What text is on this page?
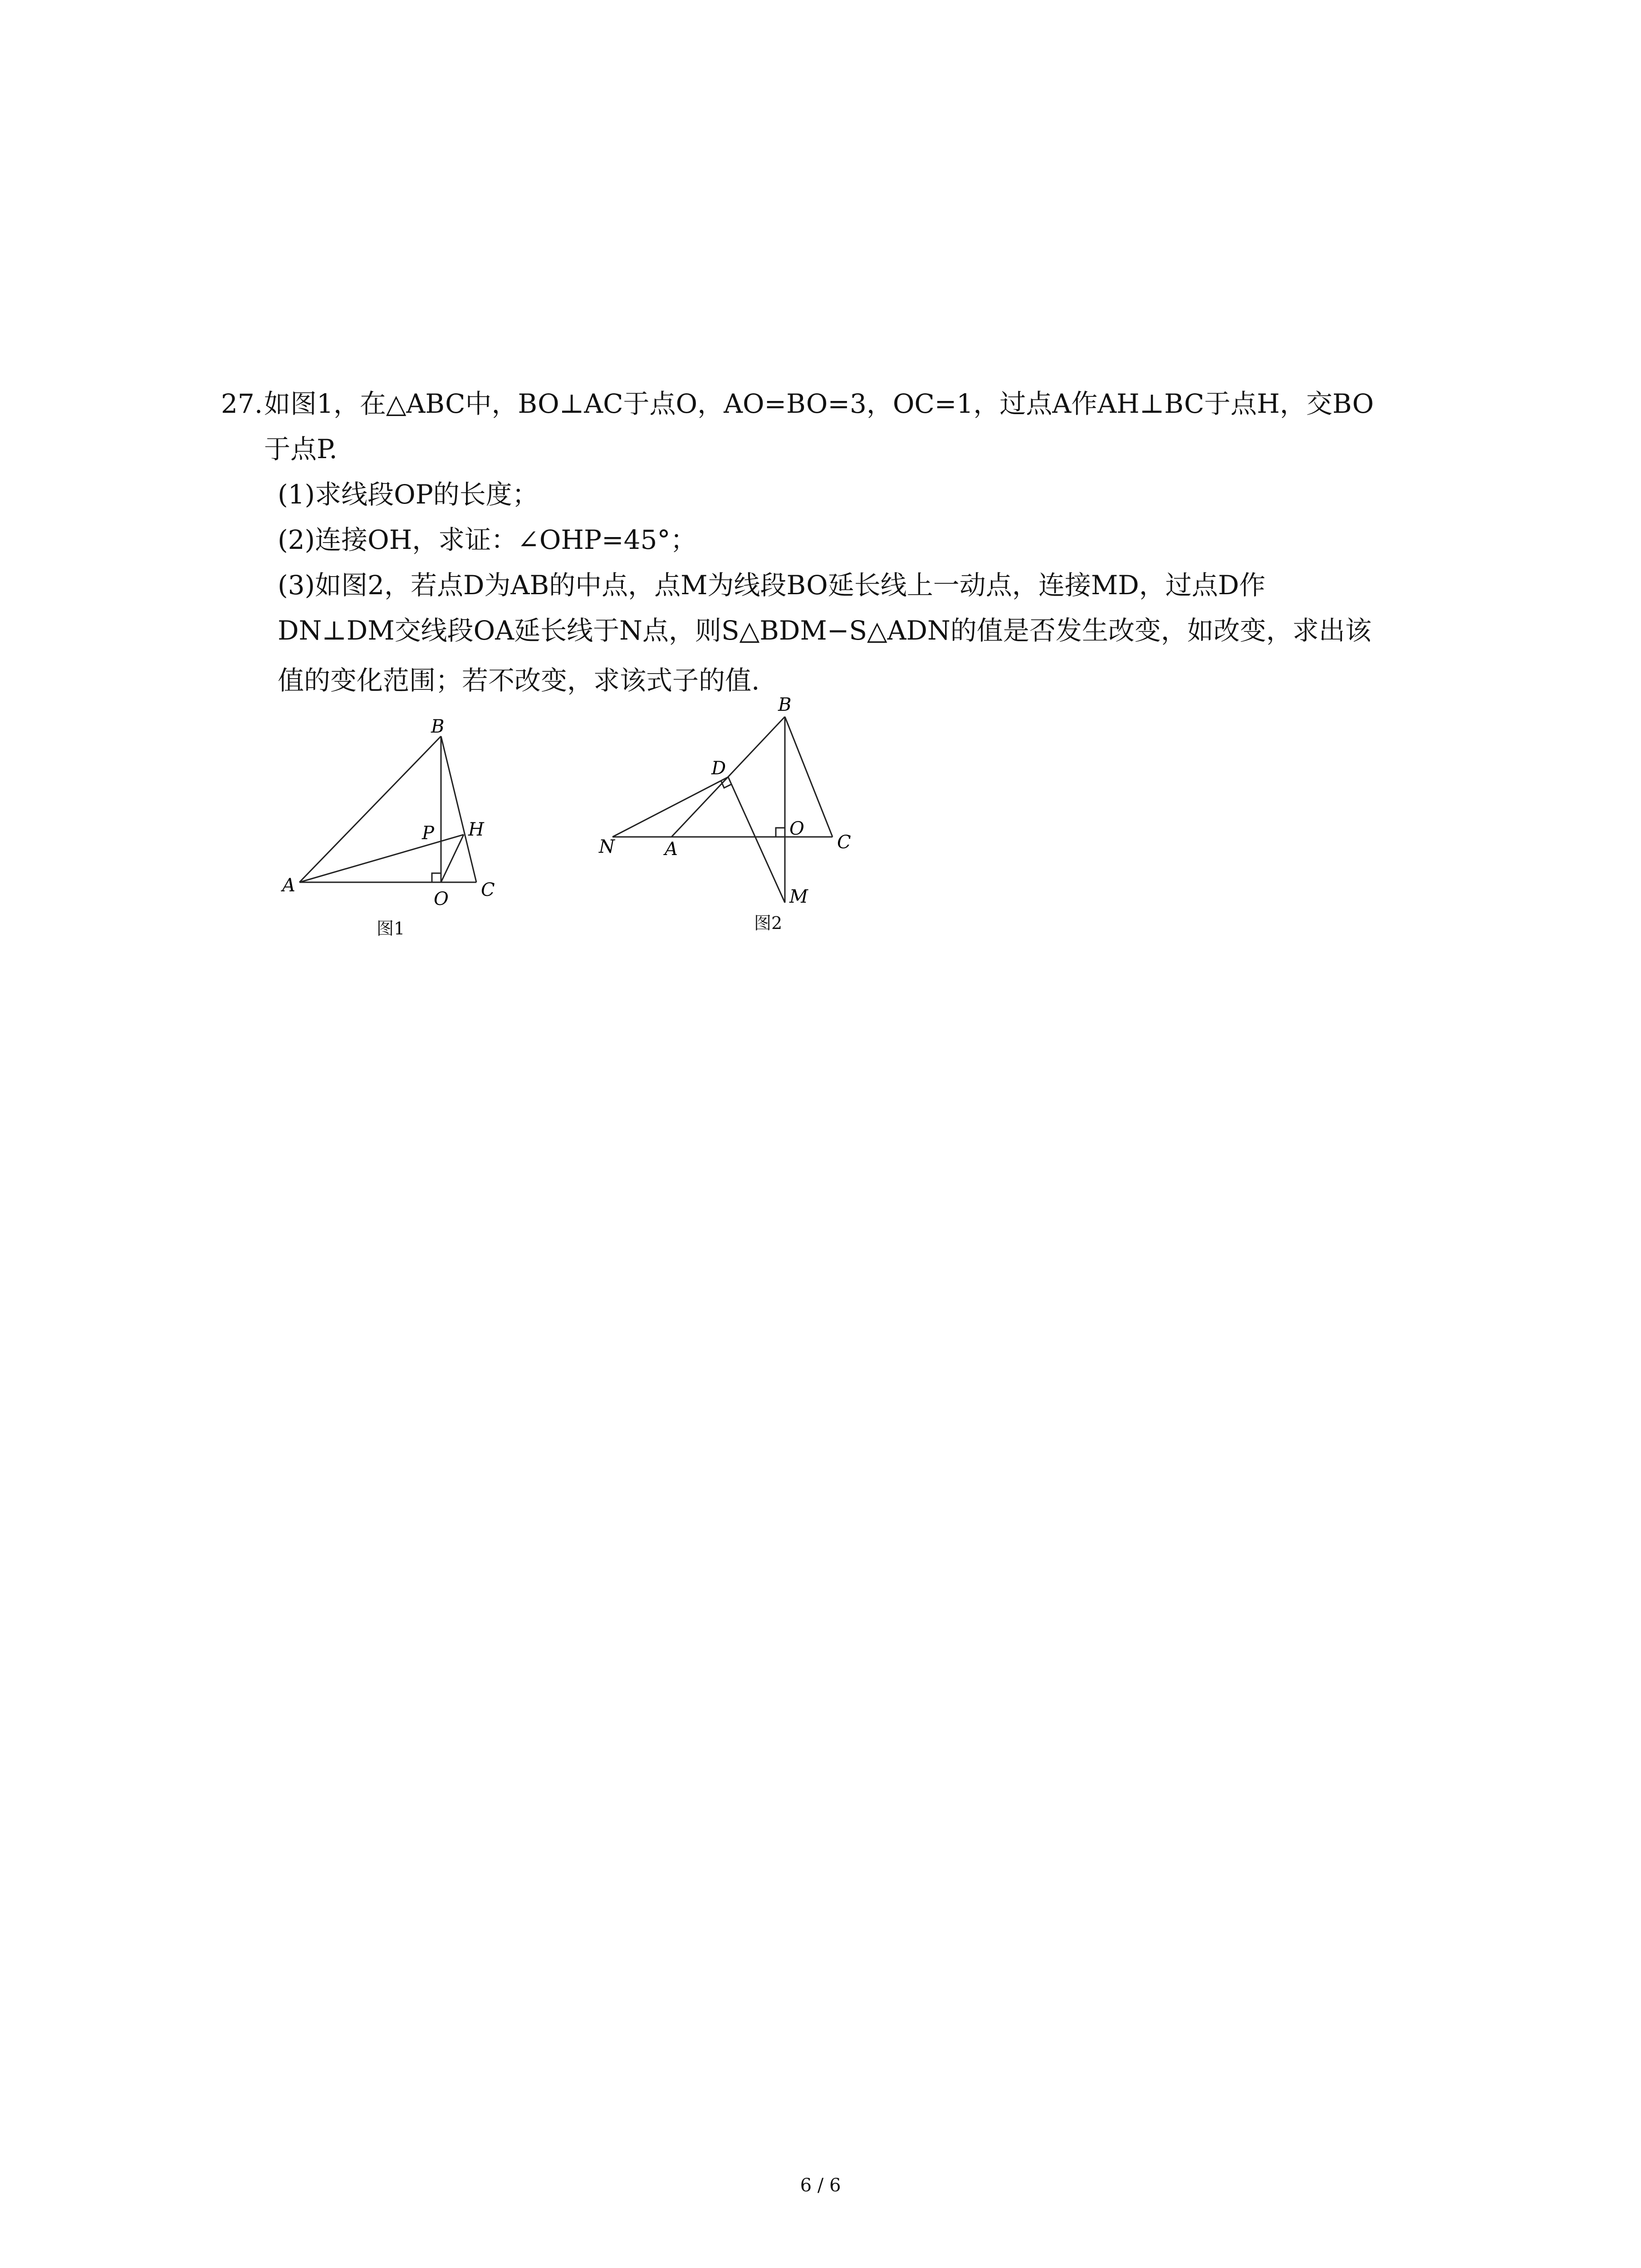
27. 如图1，在△ABC中，BO⊥AC于点O，AO=BO=3，OC=1，过点A作AH⊥BC于点H，交BO
于点P.
(1)求线段OP的长度；
(2)连接OH，求证：∠OHP=45°；
(3)如图2，若点D为AB的中点，点M为线段BO延长线上一动点，连接MD，过点D作
DN⊥DM交线段OA延长线于N点，则S△BDM−S△ADN的值是否发生改变，如改变，求出该
值的变化范围；若不改变，求该式子的值.
A
B
C
O
P H
图1
B
D
N	A
O
C
M
图2
6 / 6
